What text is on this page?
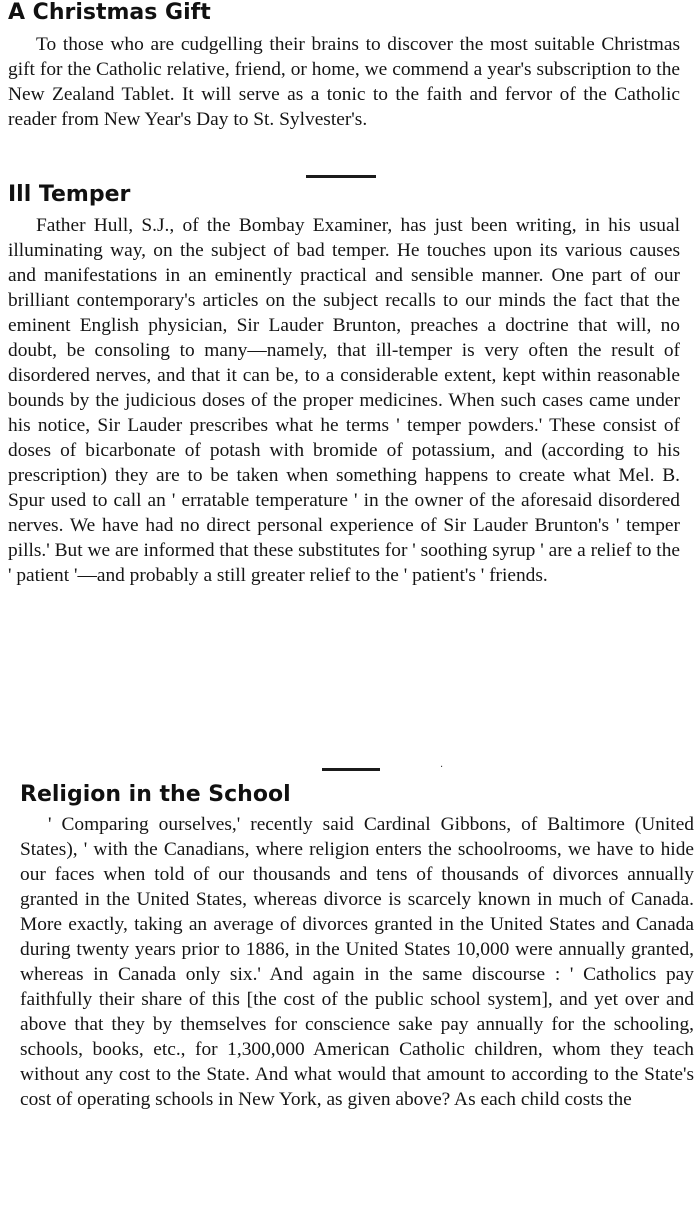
A Christmas Gift

To those who are cudgelling their brains to discover the most suitable Christmas gift for the Catholic relative, friend, or home, we commend a year's subscription to the New Zealand Tablet. It will serve as a tonic to the faith and fervor of the Catholic reader from New Year's Day to St. Sylvester's.

Ill Temper

Father Hull, S.J., of the Bombay Examiner, has just been writing, in his usual illuminating way, on the subject of bad temper. He touches upon its various causes and manifestations in an eminently practical and sensible manner. One part of our brilliant contemporary's articles on the subject recalls to our minds the fact that the eminent English physician, Sir Lauder Brunton, preaches a doctrine that will, no doubt, be consoling to many—namely, that ill-temper is very often the result of disordered nerves, and that it can be, to a considerable extent, kept within reasonable bounds by the judicious doses of the proper medicines. When such cases came under his notice, Sir Lauder prescribes what he terms ' temper powders.' These consist of doses of bicarbonate of potash with bromide of potassium, and (according to his prescription) they are to be taken when something happens to create what Mel. B. Spur used to call an ' erratable temperature ' in the owner of the aforesaid disordered nerves. We have had no direct personal experience of Sir Lauder Brunton's ' temper pills.' But we are informed that these substitutes for ' soothing syrup ' are a relief to the ' patient '—and probably a still greater relief to the ' patient's ' friends.

·
Religion in the School

' Comparing ourselves,' recently said Cardinal Gibbons, of Baltimore (United States), ' with the Canadians, where religion enters the schoolrooms, we have to hide our faces when told of our thousands and tens of thousands of divorces annually granted in the United States, whereas divorce is scarcely known in much of Canada. More exactly, taking an average of divorces granted in the United States and Canada during twenty years prior to 1886, in the United States 10,000 were annually granted, whereas in Canada only six.' And again in the same discourse : ' Catholics pay faithfully their share of this [the cost of the public school system], and yet over and above that they by themselves for conscience sake pay annually for the schooling, schools, books, etc., for 1,300,000 American Catholic children, whom they teach without any cost to the State. And what would that amount to according to the State's cost of operating schools in New York, as given above? As each child costs the
